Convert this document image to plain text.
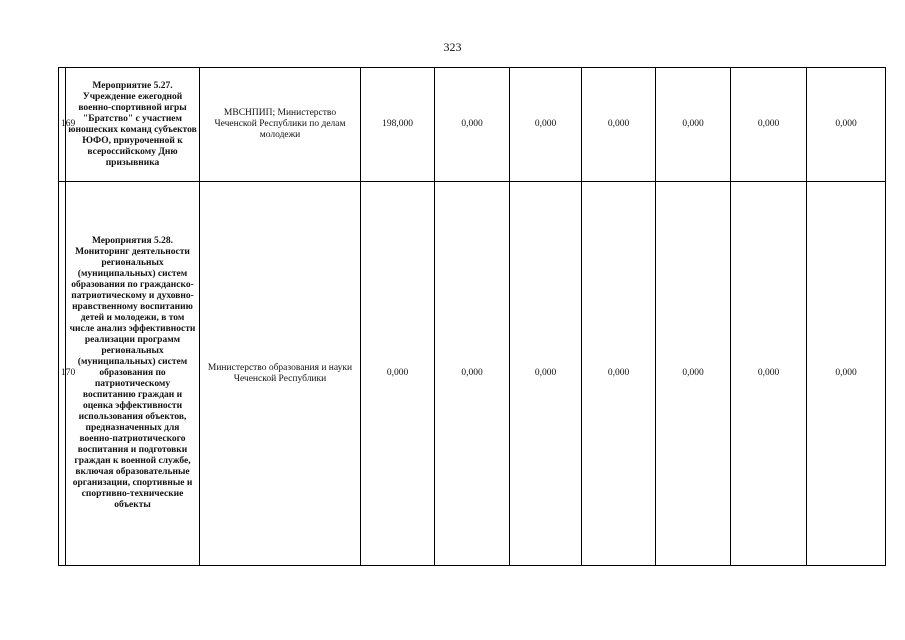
323
169	Мероприятие 5.27. Учреждение ежегодной военно-спортивной игры "Братство" с участием юношеских команд субъектов ЮФО, приуроченной к всероссийскому Дню призывника	МВСНПИП; Министерство Чеченской Республики по делам молодежи	198,000	0,000	0,000	0,000	0,000	0,000	0,000
170	Мероприятия 5.28. Мониторинг деятельности региональных (муниципальных) систем образования по гражданско-патриотическому и духовно-нравственному воспитанию детей и молодежи, в том числе анализ эффективности реализации программ региональных (муниципальных) систем образования по патриотическому воспитанию граждан и оценка эффективности использования объектов, предназначенных для военно-патриотического воспитания и подготовки граждан к военной службе, включая образовательные организации, спортивные и спортивно-технические объекты	Министерство образования и науки Чеченской Республики	0,000	0,000	0,000	0,000	0,000	0,000	0,000
